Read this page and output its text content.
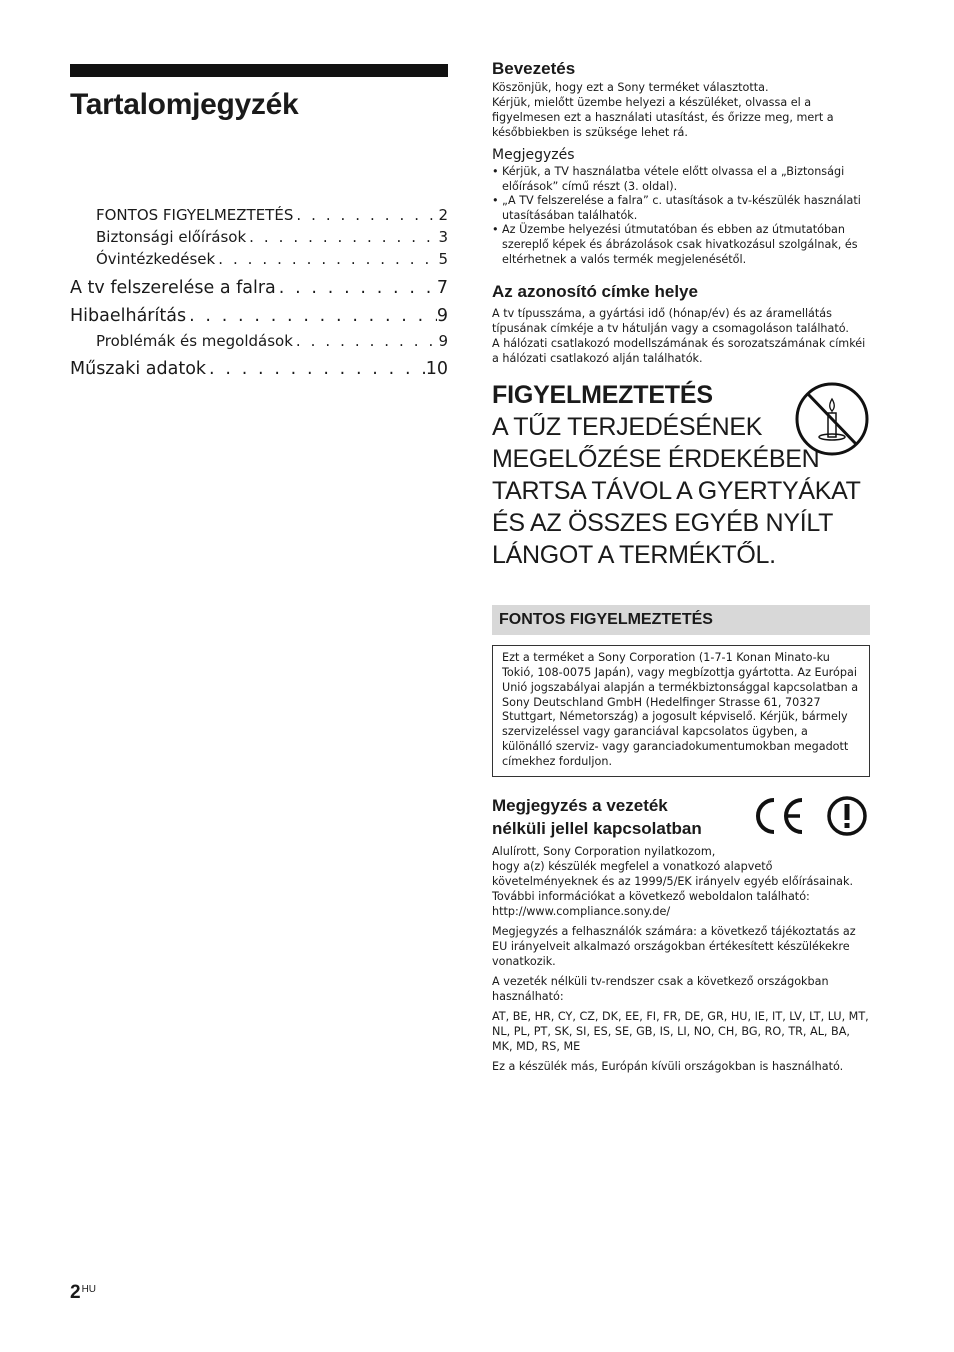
Tartalomjegyzék
FONTOS FIGYELMEZTETÉS . . .	2
Biztonsági előírások . . .	3
Óvintézkedések . . .	5
A tv felszerelése a falra . . .	7
Hibaelhárítás . . .	9
Problémák és megoldások . . .	9
Műszaki adatok . . .	10
Bevezetés

Köszönjük, hogy ezt a Sony terméket választotta.

Kérjük, mielőtt üzembe helyezi a készüléket, olvassa el a figyelmesen ezt a használati utasítást, és őrizze meg, mert a későbbiekben is szüksége lehet rá.

Megjegyzés
• Kérjük, a TV használatba vétele előtt olvassa el a „Biztonsági előírások” című részt (3. oldal).
• „A TV felszerelése a falra” c. utasítások a tv-készülék használati utasításában találhatók.
• Az Üzembe helyezési útmutatóban és ebben az útmutatóban szereplő képek és ábrázolások csak hivatkozásul szolgálnak, és eltérhetnek a valós termék megjelenésétől.
Az azonosító címke helye

A tv típusszáma, a gyártási idő (hónap/év) és az áramellátás típusának címkéje a tv hátulján vagy a csomagoláson található.

A hálózati csatlakozó modellszámának és sorozatszámának címkéi a hálózati csatlakozó alján találhatók.

FIGYELMEZTETÉS
A TŰZ TERJEDÉSÉNEK MEGELŐZÉSE ÉRDEKÉBEN TARTSA TÁVOL A GYERTYÁKAT ÉS AZ ÖSSZES EGYÉB NYÍLT LÁNGOT A TERMÉKTŐL.
FONTOS FIGYELMEZTETÉS
Ezt a terméket a Sony Corporation (1-7-1 Konan Minato-ku Tokió, 108-0075 Japán), vagy megbízottja gyártotta. Az Európai Unió jogszabályai alapján a termékbiztonsággal kapcsolatban a Sony Deutschland GmbH (Hedelfinger Strasse 61, 70327 Stuttgart, Németország) a jogosult képviselő. Kérjük, bármely szervizeléssel vagy garanciával kapcsolatos ügyben, a különálló szerviz- vagy garanciadokumentumokban megadott címekhez forduljon.
Megjegyzés a vezeték
nélküli jellel kapcsolatban

Alulírott, Sony Corporation nyilatkozom,

hogy a(z) készülék megfelel a vonatkozó alapvető követelményeknek és az 1999/5/EK irányelv egyéb előírásainak. További információkat a következő weboldalon található:

http://www.compliance.sony.de/

Megjegyzés a felhasználók számára: a következő tájékoztatás az EU irányelveit alkalmazó országokban értékesített készülékekre vonatkozik.

A vezeték nélküli tv-rendszer csak a következő országokban használható:

AT, BE, HR, CY, CZ, DK, EE, FI, FR, DE, GR, HU, IE, IT, LV, LT, LU, MT, NL, PL, PT, SK, SI, ES, SE, GB, IS, LI, NO, CH, BG, RO, TR, AL, BA, MK, MD, RS, ME

Ez a készülék más, Európán kívüli országokban is használható.

$2^{HU}$
